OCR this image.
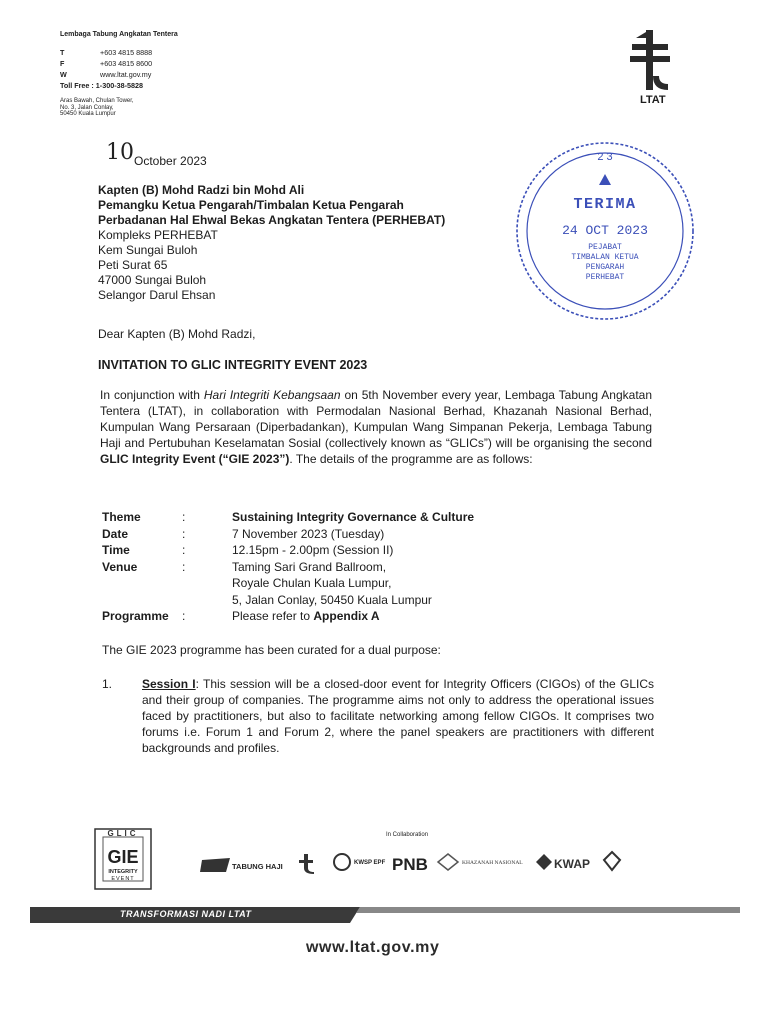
Lembaga Tabung Angkatan Tentera
T	+603 4815 8888
F	+603 4815 8600
W	www.ltat.gov.my
Toll Free : 1-300-38-5828
Aras Bawah, Chulan Tower,
No. 3, Jalan Conlay,
50450 Kuala Lumpur
LTAT
10 October 2023
Kapten (B) Mohd Radzi bin Mohd Ali
Pemangku Ketua Pengarah/Timbalan Ketua Pengarah
Perbadanan Hal Ehwal Bekas Angkatan Tentera (PERHEBAT)
Kompleks PERHEBAT
Kem Sungai Buloh
Peti Surat 65
47000 Sungai Buloh
Selangor Darul Ehsan
2 3
TERIMA
24 OCT 2023
PEJABAT
TIMBALAN KETUA
PENGARAH
PERHEBAT
Dear Kapten (B) Mohd Radzi,
INVITATION TO GLIC INTEGRITY EVENT 2023
In conjunction with Hari Integriti Kebangsaan on 5th November every year, Lembaga Tabung Angkatan Tentera (LTAT), in collaboration with Permodalan Nasional Berhad, Khazanah Nasional Berhad, Kumpulan Wang Persaraan (Diperbadankan), Kumpulan Wang Simpanan Pekerja, Lembaga Tabung Haji and Pertubuhan Keselamatan Sosial (collectively known as “GLICs”) will be organising the second GLIC Integrity Event (“GIE 2023”). The details of the programme are as follows:
Theme	:	Sustaining Integrity Governance & Culture
Date	:	7 November 2023 (Tuesday)
Time	:	12.15pm - 2.00pm (Session II)
Venue	:	Taming Sari Grand Ballroom,
Royale Chulan Kuala Lumpur,
5, Jalan Conlay, 50450 Kuala Lumpur
Programme	:	Please refer to Appendix A
The GIE 2023 programme has been curated for a dual purpose:
1.	Session I: This session will be a closed-door event for Integrity Officers (CIGOs) of the GLICs and their group of companies. The programme aims not only to address the operational issues faced by practitioners, but also to facilitate networking among fellow CIGOs. It comprises two forums i.e. Forum 1 and Forum 2, where the panel speakers are practitioners with different backgrounds and profiles.
GLIC
GIE
INTEGRITY
EVENT
In Collaboration
TABUNG HAJI	KWSP EPF PNB	KHAZANAH NASIONAL	KWAP
TRANSFORMASI NADI LTAT
www.ltat.gov.my
